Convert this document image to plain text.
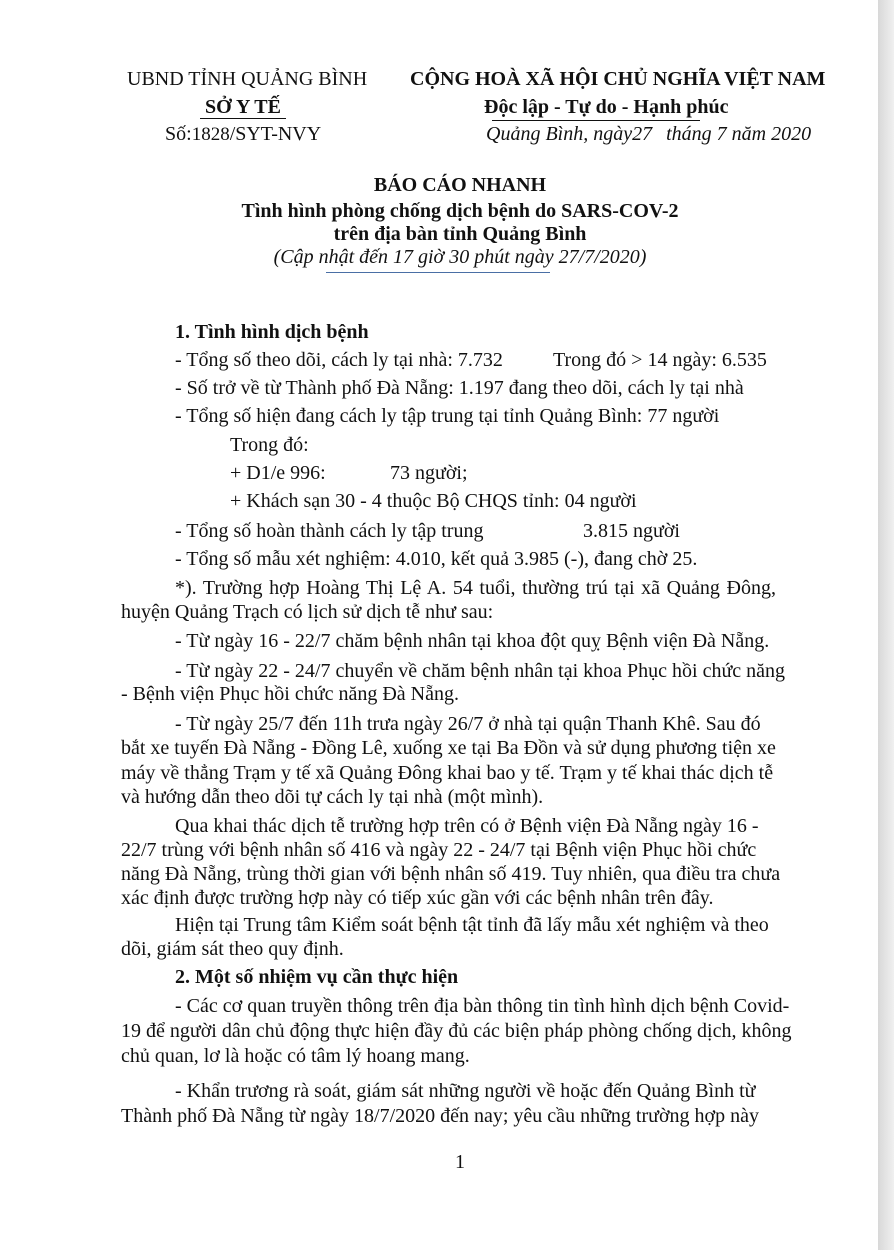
UBND TỈNH QUẢNG BÌNH
SỞ Y TẾ
Số:1828/SYT-NVY
CỘNG HOÀ XÃ HỘI CHỦ NGHĨA VIỆT NAM
Độc lập - Tự do - Hạnh phúc
Quảng Bình, ngày27 tháng 7 năm 2020
BÁO CÁO NHANH
Tình hình phòng chống dịch bệnh do SARS-COV-2
trên địa bàn tỉnh Quảng Bình
(Cập nhật đến 17 giờ 30 phút ngày 27/7/2020)
1. Tình hình dịch bệnh
- Tổng số theo dõi, cách ly tại nhà: 7.732	Trong đó > 14 ngày: 6.535
- Số trở về từ Thành phố Đà Nẵng: 1.197 đang theo dõi, cách ly tại nhà
- Tổng số hiện đang cách ly tập trung tại tỉnh Quảng Bình: 77 người
Trong đó:
+ D1/e 996:	73 người;
+ Khách sạn 30 - 4 thuộc Bộ CHQS tỉnh: 04 người
- Tổng số hoàn thành cách ly tập trung	3.815 người
- Tổng số mẫu xét nghiệm: 4.010, kết quả 3.985 (-), đang chờ 25.
*). Trường hợp Hoàng Thị Lệ A. 54 tuổi, thường trú tại xã Quảng Đông,
huyện Quảng Trạch có lịch sử dịch tễ như sau:
- Từ ngày 16 - 22/7 chăm bệnh nhân tại khoa đột quỵ Bệnh viện Đà Nẵng.
- Từ ngày 22 - 24/7 chuyển về chăm bệnh nhân tại khoa Phục hồi chức năng
- Bệnh viện Phục hồi chức năng Đà Nẵng.
- Từ ngày 25/7 đến 11h trưa ngày 26/7 ở nhà tại quận Thanh Khê. Sau đó
bắt xe tuyến Đà Nẵng - Đồng Lê, xuống xe tại Ba Đồn và sử dụng phương tiện xe
máy về thẳng Trạm y tế xã Quảng Đông khai bao y tế. Trạm y tế khai thác dịch tễ
và hướng dẫn theo dõi tự cách ly tại nhà (một mình).
Qua khai thác dịch tễ trường hợp trên có ở Bệnh viện Đà Nẵng ngày 16 -
22/7 trùng với bệnh nhân số 416 và ngày 22 - 24/7 tại Bệnh viện Phục hồi chức
năng Đà Nẵng, trùng thời gian với bệnh nhân số 419. Tuy nhiên, qua điều tra chưa
xác định được trường hợp này có tiếp xúc gần với các bệnh nhân trên đây.
Hiện tại Trung tâm Kiểm soát bệnh tật tỉnh đã lấy mẫu xét nghiệm và theo
dõi, giám sát theo quy định.
2. Một số nhiệm vụ cần thực hiện
- Các cơ quan truyền thông trên địa bàn thông tin tình hình dịch bệnh Covid-
19 để người dân chủ động thực hiện đầy đủ các biện pháp phòng chống dịch, không
chủ quan, lơ là hoặc có tâm lý hoang mang.
- Khẩn trương rà soát, giám sát những người về hoặc đến Quảng Bình từ
Thành phố Đà Nẵng từ ngày 18/7/2020 đến nay; yêu cầu những trường hợp này
1
